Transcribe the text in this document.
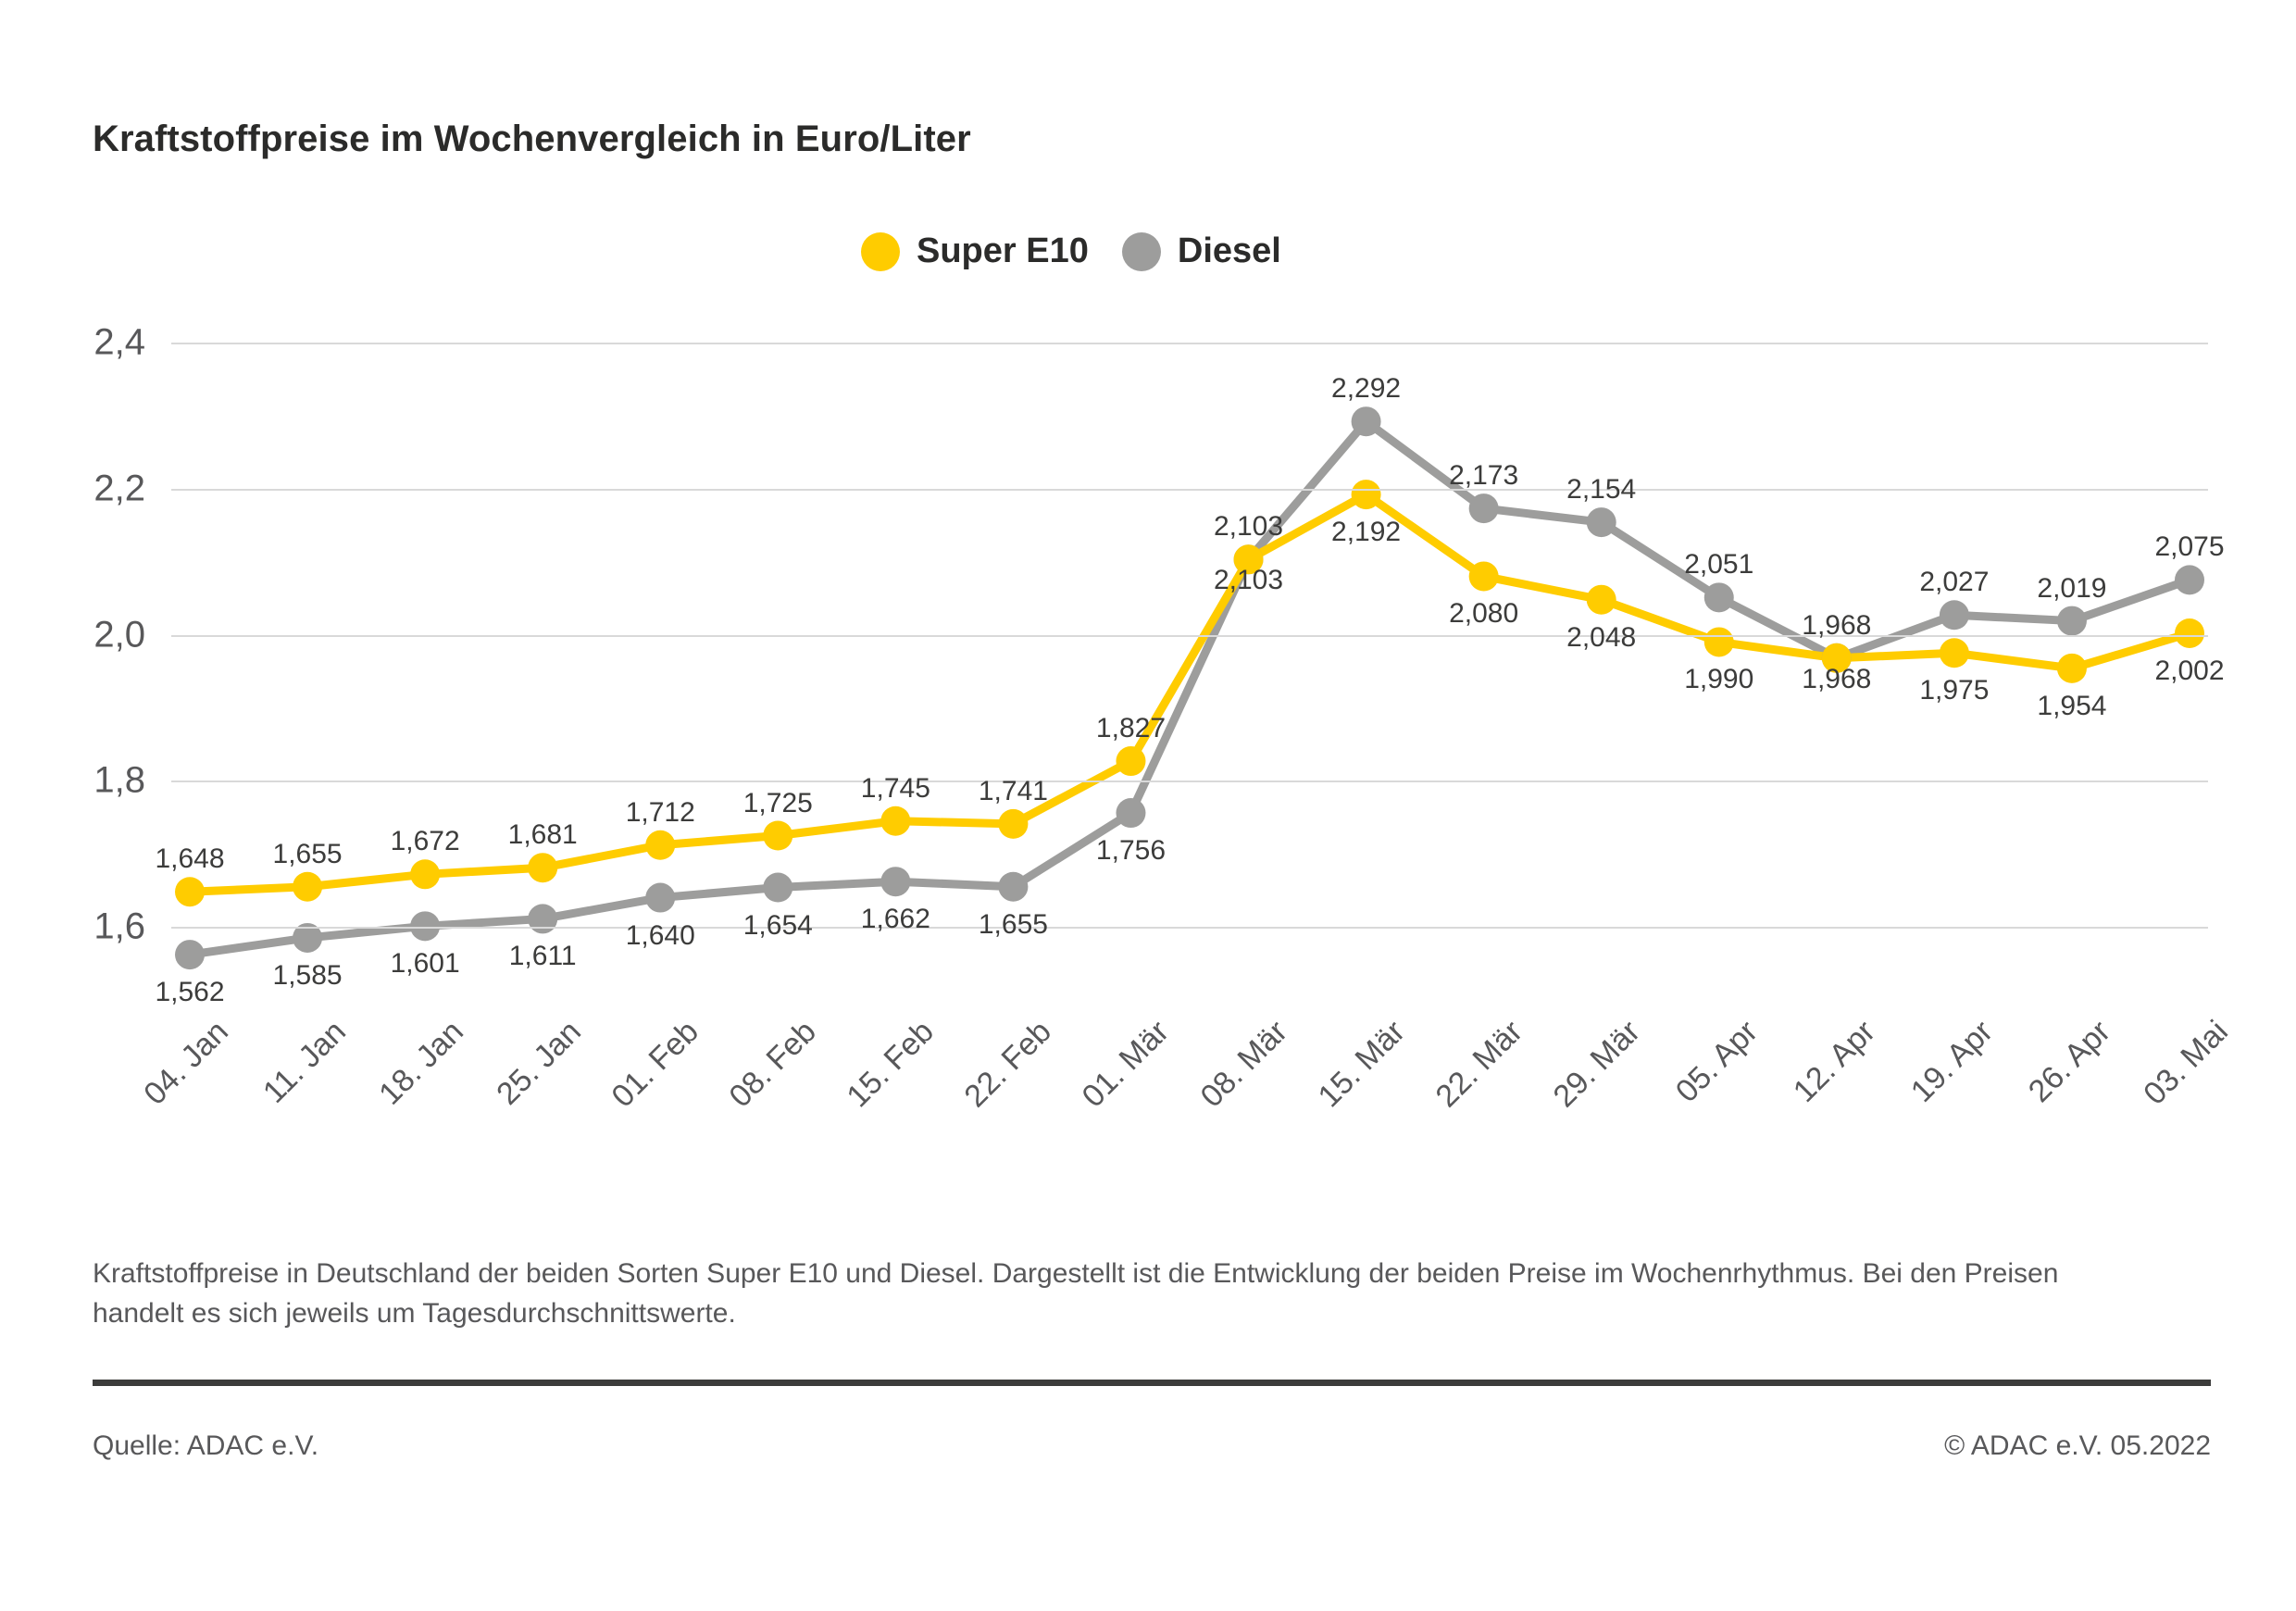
Kraftstoffpreise im Wochenvergleich in Euro/Liter
Super E10	Diesel
1,6
1,8
2,0
2,2
2,4
1,648 1,655 1,672 1,681
1,712 1,725 1,745 1,741
1,827
2,103
2,192
2,080
2,048
1,990 1,968 1,975
1,954
2,002
1,562
1,585 1,601 1,611
1,640 1,654 1,662 1,655
1,756
2,103
2,292
2,173 2,154
2,051
1,968
2,027 2,019
2,075
04. Jan 11. Jan 18. Jan 25. Jan 01. Feb 08. Feb 15. Feb 22. Feb 01. Mär 08. Mär 15. Mär 22. Mär 29. Mär 05. Apr 12. Apr 19. Apr 26. Apr 03. Mai
Kraftstoffpreise in Deutschland der beiden Sorten Super E10 und Diesel. Dargestellt ist die Entwicklung der beiden Preise im Wochenrhythmus. Bei den Preisen handelt es sich jeweils um Tagesdurchschnittswerte.
Quelle: ADAC e.V.	© ADAC e.V. 05.2022
